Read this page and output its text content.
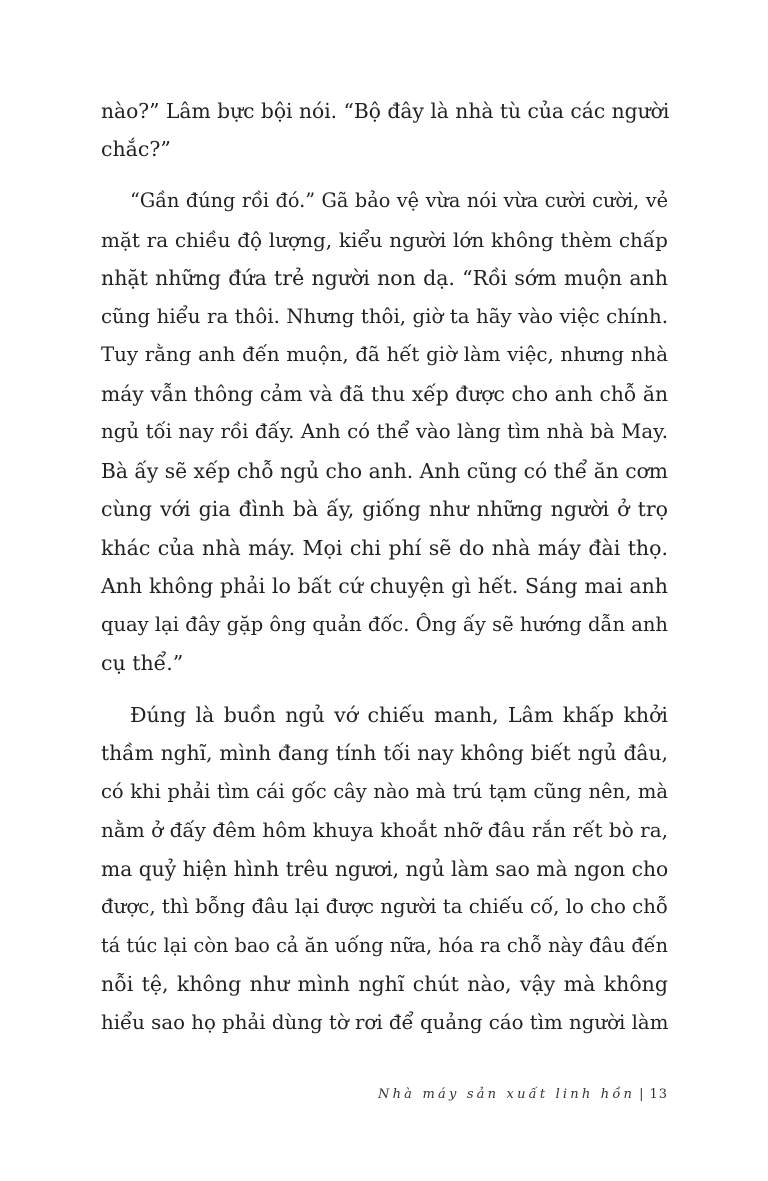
nào?” Lâm bực bội nói. “Bộ đây là nhà tù của các người

chắc?”

“Gần đúng rồi đó.” Gã bảo vệ vừa nói vừa cười cười, vẻ

mặt ra chiều độ lượng, kiểu người lớn không thèm chấp

nhặt những đứa trẻ người non dạ. “Rồi sớm muộn anh

cũng hiểu ra thôi. Nhưng thôi, giờ ta hãy vào việc chính.

Tuy rằng anh đến muộn, đã hết giờ làm việc, nhưng nhà

máy vẫn thông cảm và đã thu xếp được cho anh chỗ ăn

ngủ tối nay rồi đấy. Anh có thể vào làng tìm nhà bà May.

Bà ấy sẽ xếp chỗ ngủ cho anh. Anh cũng có thể ăn cơm

cùng với gia đình bà ấy, giống như những người ở trọ

khác của nhà máy. Mọi chi phí sẽ do nhà máy đài thọ.

Anh không phải lo bất cứ chuyện gì hết. Sáng mai anh

quay lại đây gặp ông quản đốc. Ông ấy sẽ hướng dẫn anh

cụ thể.”

Đúng là buồn ngủ vớ chiếu manh, Lâm khấp khởi

thầm nghĩ, mình đang tính tối nay không biết ngủ đâu,

có khi phải tìm cái gốc cây nào mà trú tạm cũng nên, mà

nằm ở đấy đêm hôm khuya khoắt nhỡ đâu rắn rết bò ra,

ma quỷ hiện hình trêu ngươi, ngủ làm sao mà ngon cho

được, thì bỗng đâu lại được người ta chiếu cố, lo cho chỗ

tá túc lại còn bao cả ăn uống nữa, hóa ra chỗ này đâu đến

nỗi tệ, không như mình nghĩ chút nào, vậy mà không

hiểu sao họ phải dùng tờ rơi để quảng cáo tìm người làm

Nhà máy sản xuất linh hồn | 13
